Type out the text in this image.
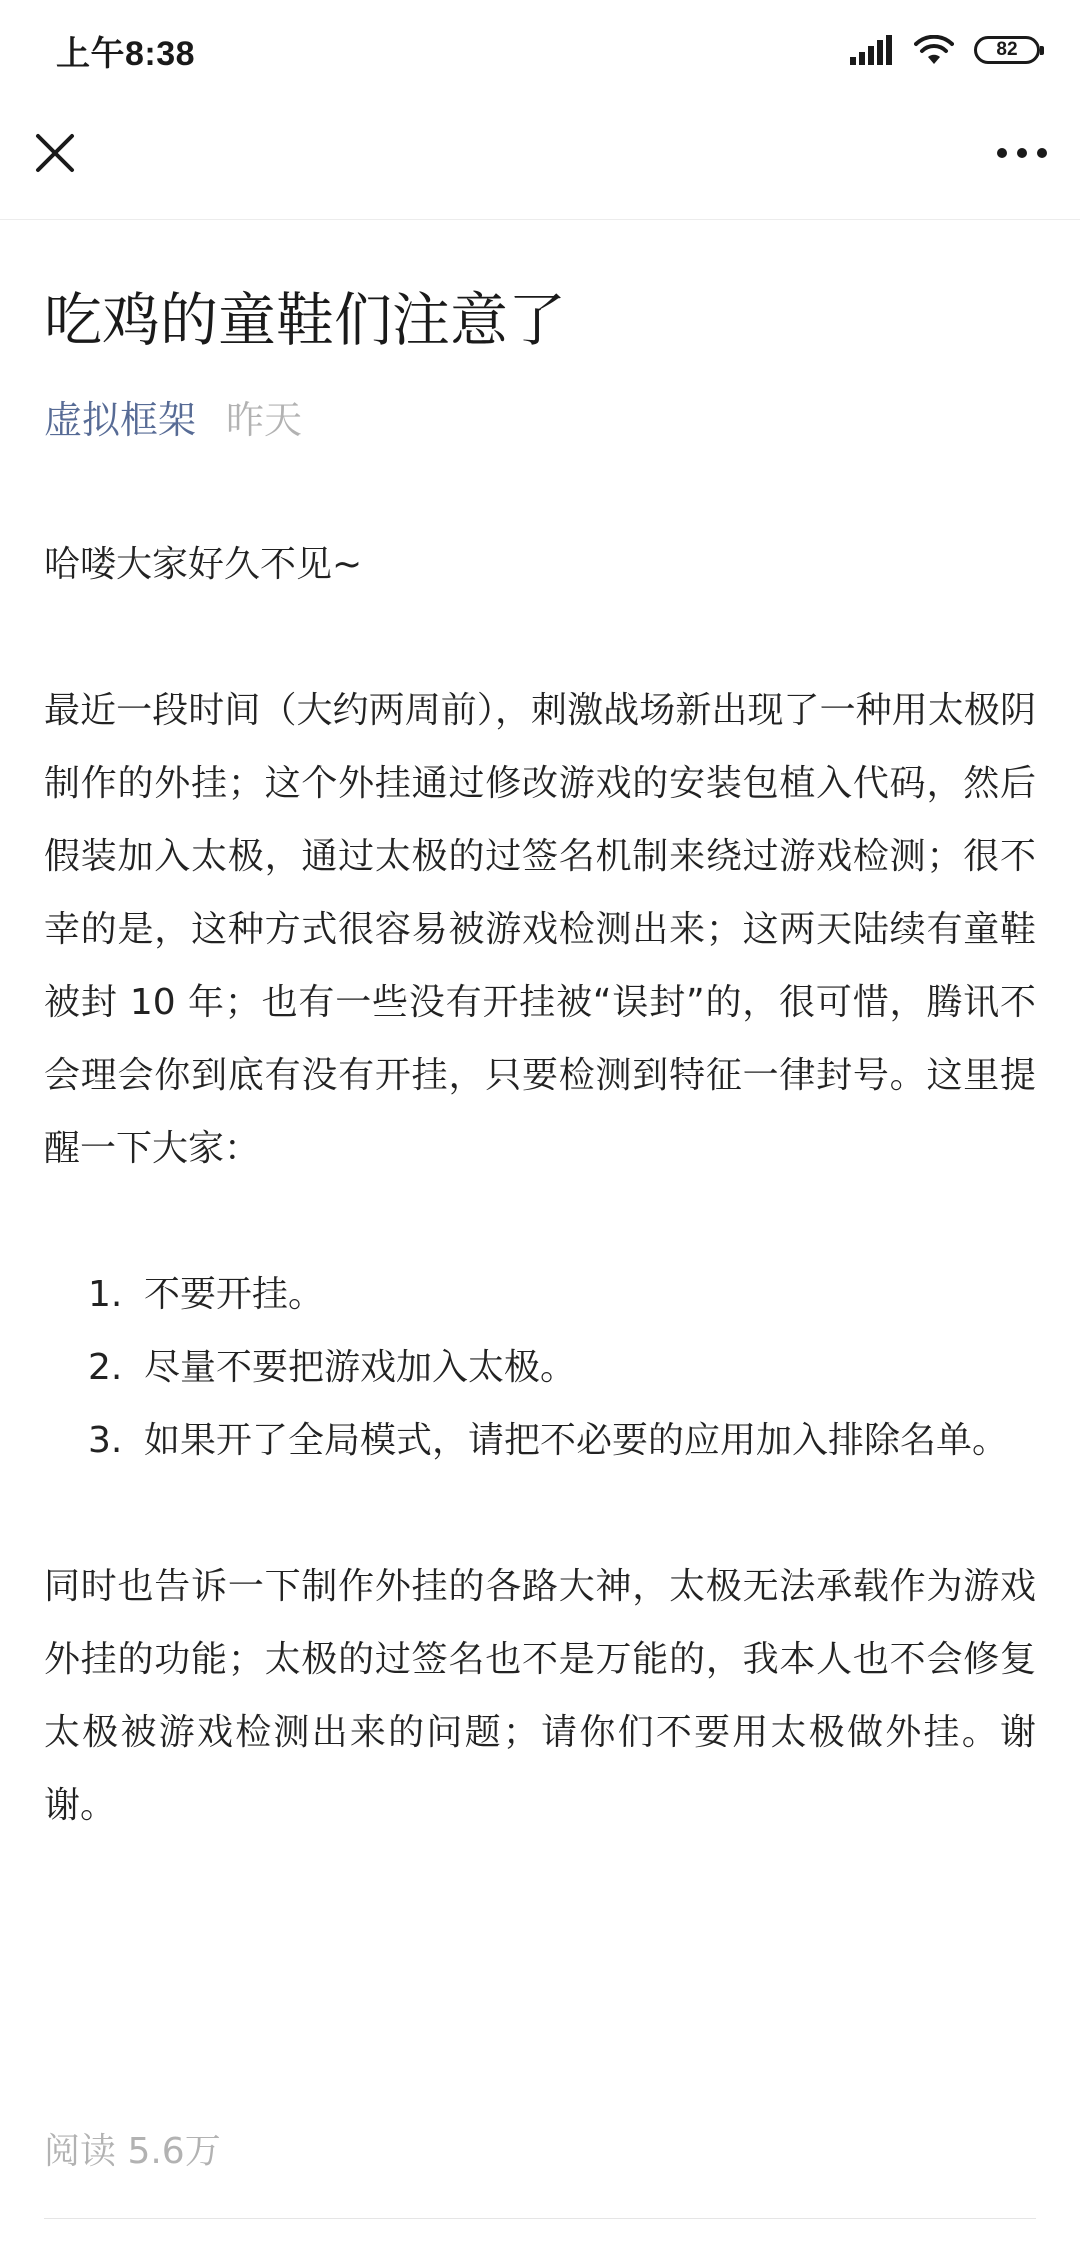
上午8:38	82
吃鸡的童鞋们注意了
虚拟框架 昨天

哈喽大家好久不见~

最近一段时间（大约两周前），刺激战场新出现了一种用太极阴制作的外挂；这个外挂通过修改游戏的安装包植入代码，然后假装加入太极，通过太极的过签名机制来绕过游戏检测；很不幸的是，这种方式很容易被游戏检测出来；这两天陆续有童鞋被封 10 年；也有一些没有开挂被“误封”的，很可惜，腾讯不会理会你到底有没有开挂，只要检测到特征一律封号。这里提醒一下大家：

1. 不要开挂。
2. 尽量不要把游戏加入太极。
3. 如果开了全局模式，请把不必要的应用加入排除名单。

同时也告诉一下制作外挂的各路大神，太极无法承载作为游戏外挂的功能；太极的过签名也不是万能的，我本人也不会修复太极被游戏检测出来的问题；请你们不要用太极做外挂。谢谢。

阅读 5.6万
